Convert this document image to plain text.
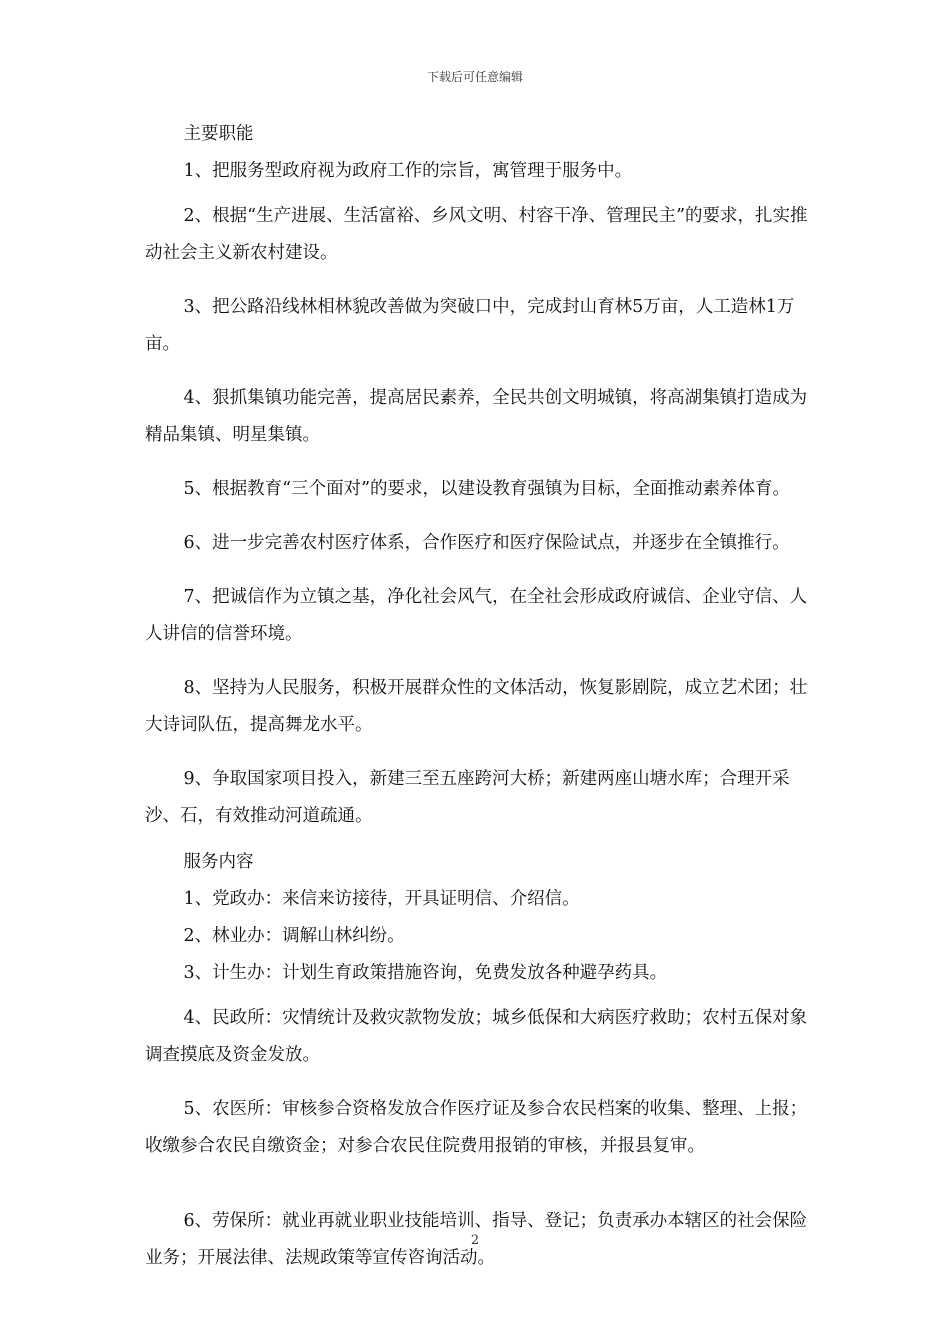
下载后可任意编辑

主要职能

1、把服务型政府视为政府工作的宗旨，寓管理于服务中。

2、根据“生产进展、生活富裕、乡风文明、村容干净、管理民主”的要求，扎实推动社会主义新农村建设。

3、把公路沿线林相林貌改善做为突破口中，完成封山育林5万亩，人工造林1万亩。

4、狠抓集镇功能完善，提高居民素养，全民共创文明城镇，将高湖集镇打造成为精品集镇、明星集镇。

5、根据教育“三个面对”的要求，以建设教育强镇为目标，全面推动素养体育。

6、进一步完善农村医疗体系，合作医疗和医疗保险试点，并逐步在全镇推行。

7、把诚信作为立镇之基，净化社会风气，在全社会形成政府诚信、企业守信、人人讲信的信誉环境。

8、坚持为人民服务，积极开展群众性的文体活动，恢复影剧院，成立艺术团；壮大诗词队伍，提高舞龙水平。

9、争取国家项目投入，新建三至五座跨河大桥；新建两座山塘水库；合理开采沙、石，有效推动河道疏通。

服务内容

1、党政办：来信来访接待，开具证明信、介绍信。

2、林业办：调解山林纠纷。

3、计生办：计划生育政策措施咨询，免费发放各种避孕药具。

4、民政所：灾情统计及救灾款物发放；城乡低保和大病医疗救助；农村五保对象调查摸底及资金发放。

5、农医所：审核参合资格发放合作医疗证及参合农民档案的收集、整理、上报；收缴参合农民自缴资金；对参合农民住院费用报销的审核，并报县复审。

6、劳保所：就业再就业职业技能培训、指导、登记；负责承办本辖区的社会保险业务；开展法律、法规政策等宣传咨询活动。

2
